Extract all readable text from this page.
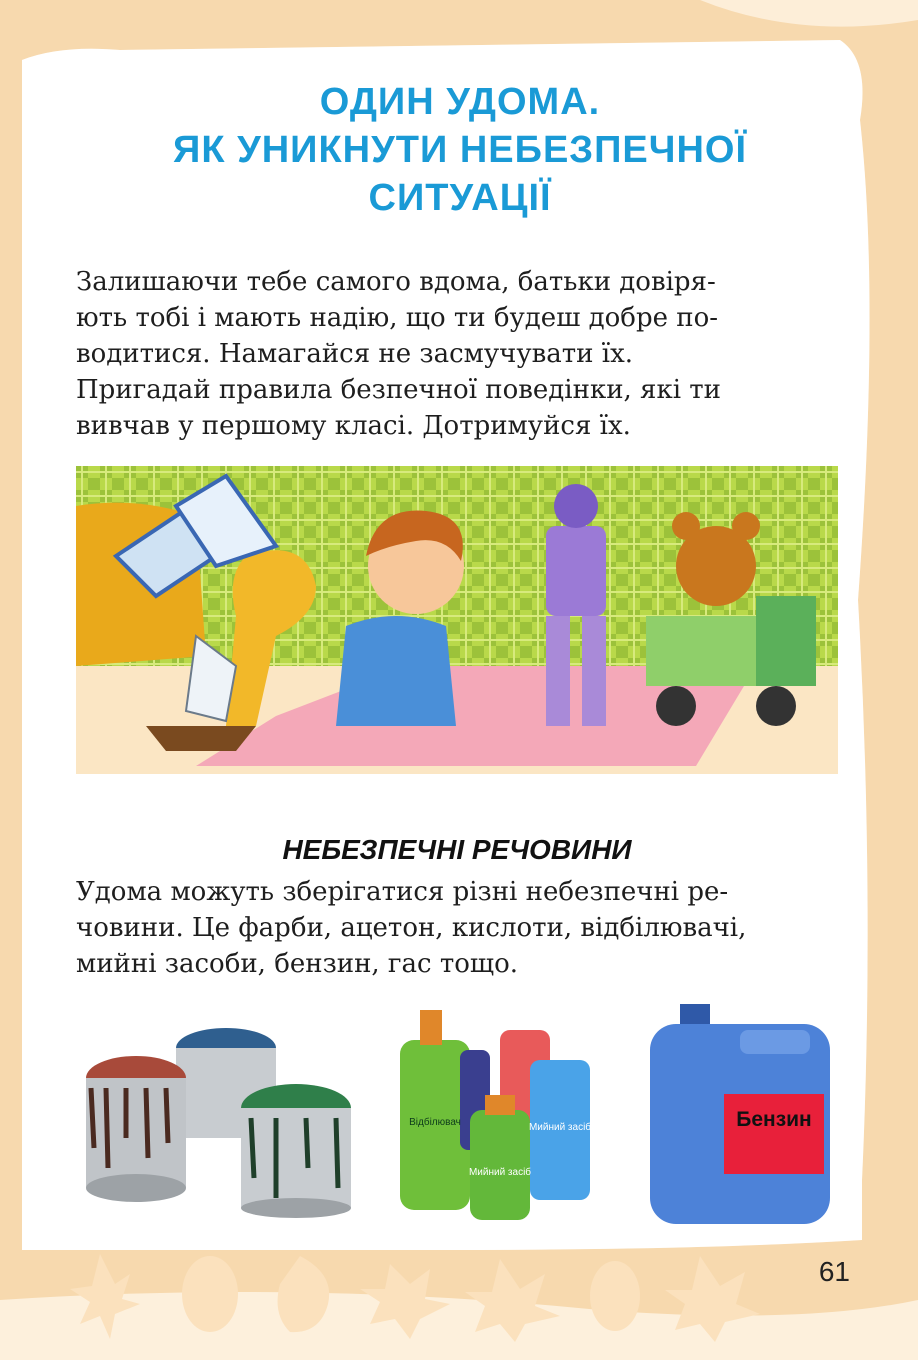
ОДИН УДОМА.
ЯК УНИКНУТИ НЕБЕЗПЕЧНОЇ
СИТУАЦІЇ
Залишаючи тебе самого вдома, батьки довіря-
ють тобі і мають надію, що ти будеш добре по-
водитися. Намагайся не засмучувати їх.
Пригадай правила безпечної поведінки, які ти
вивчав у першому класі. Дотримуйся їх.
НЕБЕЗПЕЧНІ РЕЧОВИНИ
Удома можуть зберігатися різні небезпечні ре-
човини. Це фарби, ацетон, кислоти, відбілювачі,
мийні засоби, бензин, гас тощо.
Відбілювач
Мийний засіб
Мийний засіб	Бензин
61
